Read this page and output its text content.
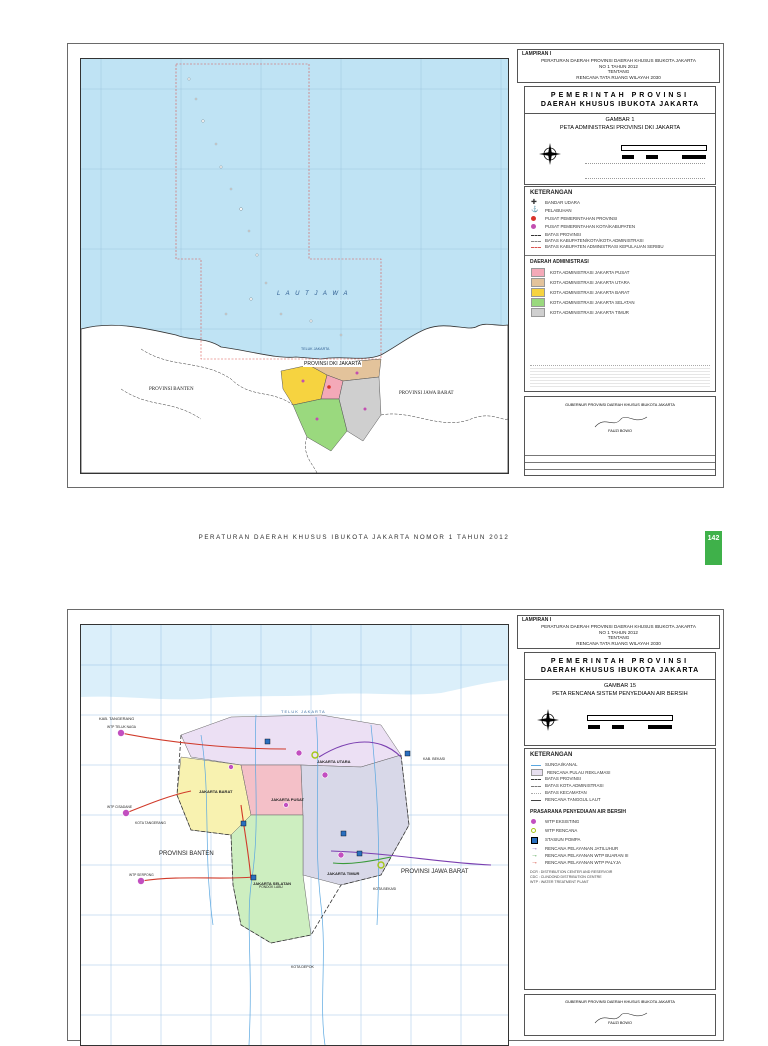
L A U T J A W A
TELUK JAKARTA
PROVINSI DKI JAKARTA
PROVINSI BANTEN
PROVINSI JAWA BARAT
LAMPIRAN I
PERATURAN DAERAH PROVINSI DAERAH KHUSUS IBUKOTA JAKARTA
NO 1 TAHUN 2012
TENTANG
RENCANA TATA RUANG WILAYAH 2030
PEMERINTAH PROVINSI
DAERAH KHUSUS IBUKOTA JAKARTA
GAMBAR 1
PETA ADMINISTRASI PROVINSI DKI JAKARTA
KETERANGAN
✚	BANDAR UDARA
⚓	PELABUHAN
PUSAT PEMERINTAHAN PROVINSI
PUSAT PEMERINTAHAN KOTA/KABUPATEN
BATAS PROVINSI
BATAS KABUPATEN/KOTA/KOTA ADMINISTRASI
BATAS KABUPATEN ADMINISTRASI KEPULAUAN SERIBU
DAERAH ADMINISTRASI
KOTA ADMINISTRASI JAKARTA PUSAT
KOTA ADMINISTRASI JAKARTA UTARA
KOTA ADMINISTRASI JAKARTA BARAT
KOTA ADMINISTRASI JAKARTA SELATAN
KOTA ADMINISTRASI JAKARTA TIMUR
GUBERNUR PROVINSI DAERAH KHUSUS IBUKOTA JAKARTA
FAUZI BOWO
PERATURAN DAERAH KHUSUS IBUKOTA JAKARTA NOMOR 1 TAHUN 2012	142
TELUK JAKARTA
KAB. TANGERANG
WTP TELUK NAGA
JAKARTA UTARA	KAB. BEKASI
JAKARTA BARAT
WTP CISADANE
KOTA TANGERANG
JAKARTA PUSAT
JAKARTA TIMUR
JAKARTA SELATAN
PROVINSI BANTEN
PROVINSI JAWA BARAT
WTP SERPONG
PONDOK LABU	KOTA BEKASI
KOTA DEPOK
LAMPIRAN I
PERATURAN DAERAH PROVINSI DAERAH KHUSUS IBUKOTA JAKARTA
NO 1 TAHUN 2012
TENTANG
RENCANA TATA RUANG WILAYAH 2030
PEMERINTAH PROVINSI
DAERAH KHUSUS IBUKOTA JAKARTA
GAMBAR 15
PETA RENCANA SISTEM PENYEDIAAN AIR BERSIH
KETERANGAN
SUNGAI/KANAL
RENCANA PULAU REKLAMASI
BATAS PROVINSI
BATAS KOTA ADMINISTRASI
BATAS KECAMATAN
RENCANA TANGGUL LAUT
PRASARANA PENYEDIAAN AIR BERSIH
WTP EKSISTING
WTP RENCANA
STASIUN POMPA
→	RENCANA PELAYANAN JATILUHUR
→	RENCANA PELAYANAN WTP BUARAN III
→	RENCANA PELAYANAN WTP PALYJA
DCR : DISTRIBUTION CENTER AND RESERVOIR
CDC : CLINDOND DISTRIBUTION CENTRE
WTP : WATER TREATMENT PLANT
GUBERNUR PROVINSI DAERAH KHUSUS IBUKOTA JAKARTA
FAUZI BOWO
